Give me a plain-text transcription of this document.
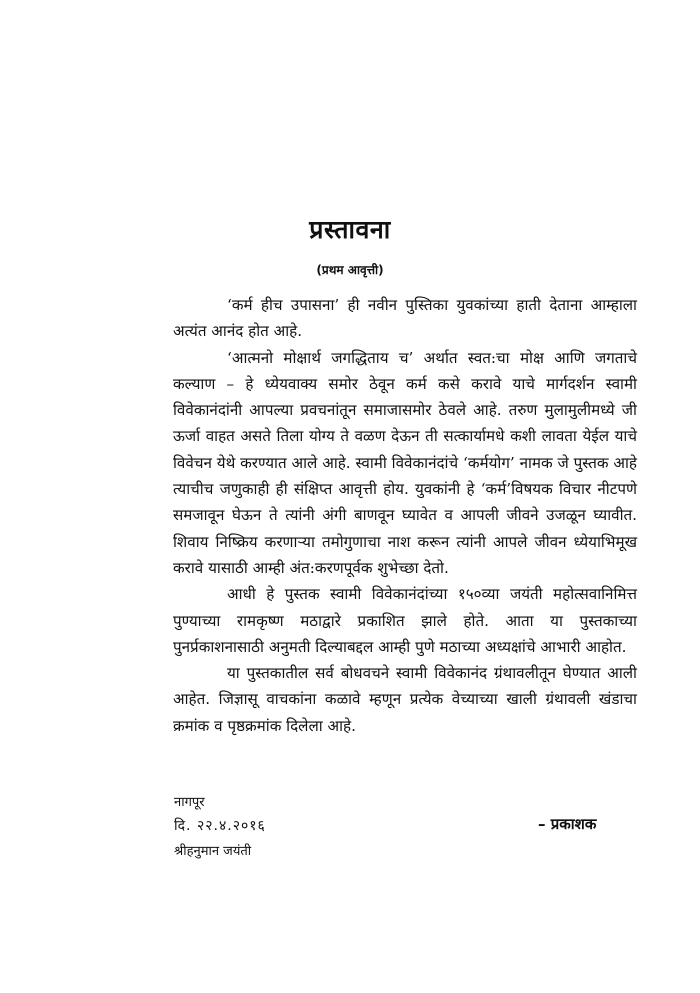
प्रस्तावना
(प्रथम आवृत्ती)

‘कर्म हीच उपासना’ ही नवीन पुस्तिका युवकांच्या हाती देताना आम्हाला अत्यंत आनंद होत आहे.

‘आत्मनो मोक्षार्थ जगद्धिताय च’ अर्थात स्वत:चा मोक्ष आणि जगताचे कल्याण – हे ध्येयवाक्य समोर ठेवून कर्म कसे करावे याचे मार्गदर्शन स्वामी विवेकानंदांनी आपल्या प्रवचनांतून समाजासमोर ठेवले आहे. तरुण मुलामुलीमध्ये जी ऊर्जा वाहत असते तिला योग्य ते वळण देऊन ती सत्कार्यामधे कशी लावता येईल याचे विवेचन येथे करण्यात आले आहे. स्वामी विवेकानंदांचे ‘कर्मयोग’ नामक जे पुस्तक आहे त्याचीच जणुकाही ही संक्षिप्त आवृत्ती होय. युवकांनी हे ‘कर्म’विषयक विचार नीटपणे समजावून घेऊन ते त्यांनी अंगी बाणवून घ्यावेत व आपली जीवने उजळून घ्यावीत. शिवाय निष्क्रिय करणाऱ्या तमोगुणाचा नाश करून त्यांनी आपले जीवन ध्येयाभिमूख करावे यासाठी आम्ही अंत:करणपूर्वक शुभेच्छा देतो.

आधी हे पुस्तक स्वामी विवेकानंदांच्या १५०व्या जयंती महोत्सवानिमित्त पुण्याच्या रामकृष्ण मठाद्वारे प्रकाशित झाले होते. आता या पुस्तकाच्या पुनर्प्रकाशनासाठी अनुमती दिल्याबद्दल आम्ही पुणे मठाच्या अध्यक्षांचे आभारी आहोत.

या पुस्तकातील सर्व बोधवचने स्वामी विवेकानंद ग्रंथावलीतून घेण्यात आली आहेत. जिज्ञासू वाचकांना कळावे म्हणून प्रत्येक वेच्याच्या खाली ग्रंथावली खंडाचा क्रमांक व पृष्ठक्रमांक दिलेला आहे.

नागपूर
दि. २२.४.२०१६	– प्रकाशक
श्रीहनुमान जयंती
